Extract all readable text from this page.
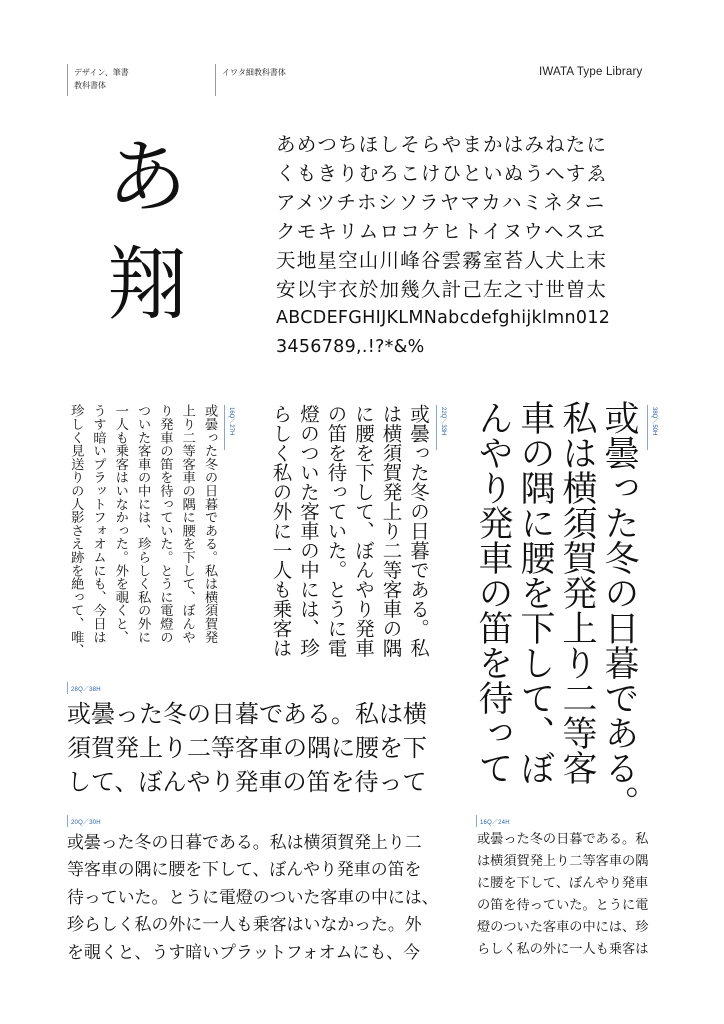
デザイン、筆書
教科書体
イワタ細教科書体	IWATA Type Library
あ
翔
あめつちほしそらやまかはみねたに
くもきりむろこけひといぬうへすゑ
アメツチホシソラヤマカハミネタニ
クモキリムロコケヒトイヌウヘスヱ
天地星空山川峰谷雲霧室苔人犬上末
安以宇衣於加幾久計己左之寸世曽太
ABCDEFGHIJKLMNabcdefghijklmn012
3456789,.!?*&%
38Q／50H
或曇った冬の日暮である。
私は横須賀発上り二等客
車の隅に腰を下して、ぼ
んやり発車の笛を待って
22Q／33H
或曇った冬の日暮である。私
は横須賀発上り二等客車の隅
に腰を下して、ぼんやり発車
の笛を待っていた。とうに電
燈のついた客車の中には、珍
らしく私の外に一人も乗客は
16Q／27H
或曇った冬の日暮である。私は横須賀発
上り二等客車の隅に腰を下して、ぼんや
り発車の笛を待っていた。とうに電燈の
ついた客車の中には、珍らしく私の外に
一人も乗客はいなかった。外を覗くと、
うす暗いプラットフォオムにも、今日は
珍しく見送りの人影さえ跡を絶って、唯、
28Q／38H
或曇った冬の日暮である。私は横
須賀発上り二等客車の隅に腰を下
して、ぼんやり発車の笛を待って
20Q／30H
或曇った冬の日暮である。私は横須賀発上り二
等客車の隅に腰を下して、ぼんやり発車の笛を
待っていた。とうに電燈のついた客車の中には、
珍らしく私の外に一人も乗客はいなかった。外
を覗くと、うす暗いプラットフォオムにも、今
16Q／24H
或曇った冬の日暮である。私
は横須賀発上り二等客車の隅
に腰を下して、ぼんやり発車
の笛を待っていた。とうに電
燈のついた客車の中には、珍
らしく私の外に一人も乗客は
